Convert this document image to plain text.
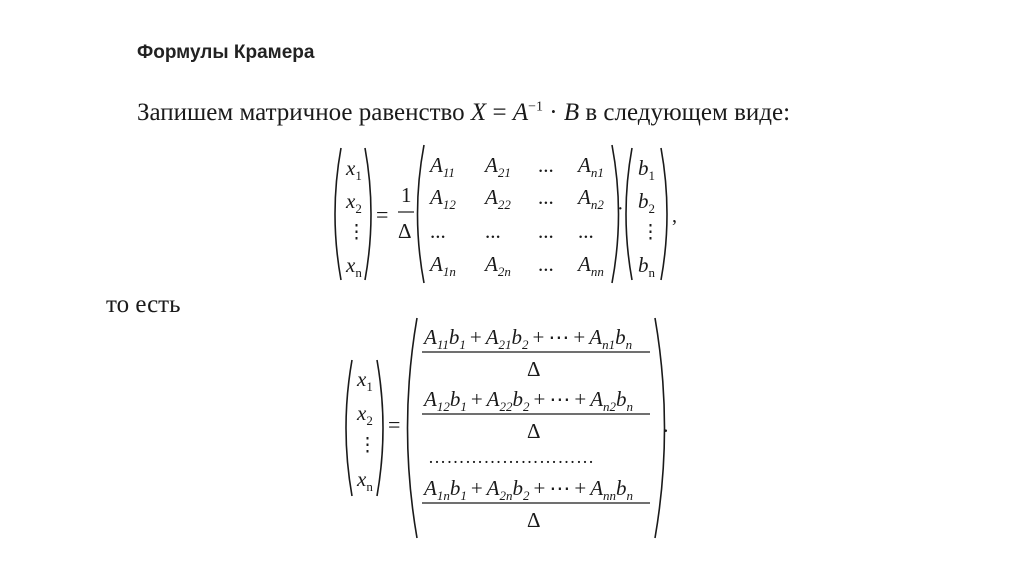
Формулы Крамера
Запишем матричное равенство $X = A^{-1} \cdot B$ в следующем виде:
$x_1$
$x_2$
⋮
$x_n$
=
1
Δ
$A_{11}$ $A_{21}$ ... $A_{n1}$
$A_{12}$ $A_{22}$ ... $A_{n2}$
... ... ... ...
$A_{1n}$ $A_{2n}$ ... $A_{nn}$
·
$b_1$
$b_2$
⋮
$b_n$
,
то есть
$x_1$
$x_2$
⋮
$x_n$
=
$A_{11}b_1 + A_{21}b_2$ + ⋯ + $A_{n1}b_n$
Δ
$A_{12}b_1 + A_{22}b_2$ + ⋯ + $A_{n2}b_n$
Δ
$A_{1n}b_1 + A_{2n}b_2$ + ⋯ + $A_{nn}b_n$
Δ
………………………
.
